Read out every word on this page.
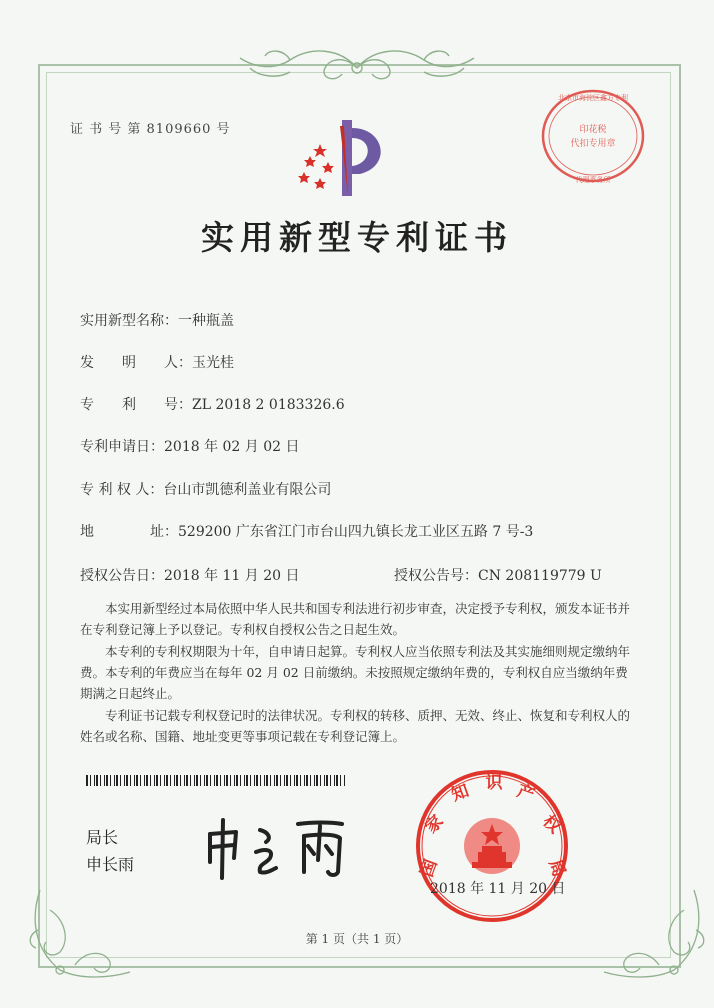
证 书 号 第 8109660 号
北京市海淀区鑫方专利
代理事务所
印花税
代扣专用章
实用新型专利证书
实用新型名称：一种瓶盖
发　　明　　人：玉光桂
专　　利　　号：ZL 2018 2 0183326.6
专利申请日：2018 年 02 月 02 日
专 利 权 人：台山市凯德利盖业有限公司
地　　　　址：529200 广东省江门市台山四九镇长龙工业区五路 7 号-3
授权公告日：2018 年 11 月 20 日	授权公告号：CN 208119779 U

本实用新型经过本局依照中华人民共和国专利法进行初步审查，决定授予专利权，颁发本证书并在专利登记簿上予以登记。专利权自授权公告之日起生效。

本专利的专利权期限为十年，自申请日起算。专利权人应当依照专利法及其实施细则规定缴纳年费。本专利的年费应当在每年 02 月 02 日前缴纳。未按照规定缴纳年费的，专利权自应当缴纳年费期满之日起终止。

专利证书记载专利权登记时的法律状况。专利权的转移、质押、无效、终止、恢复和专利权人的姓名或名称、国籍、地址变更等事项记载在专利登记簿上。

局长
申长雨	国
家
知 识 产
权
局
2018 年 11 月 20 日
第 1 页（共 1 页）
